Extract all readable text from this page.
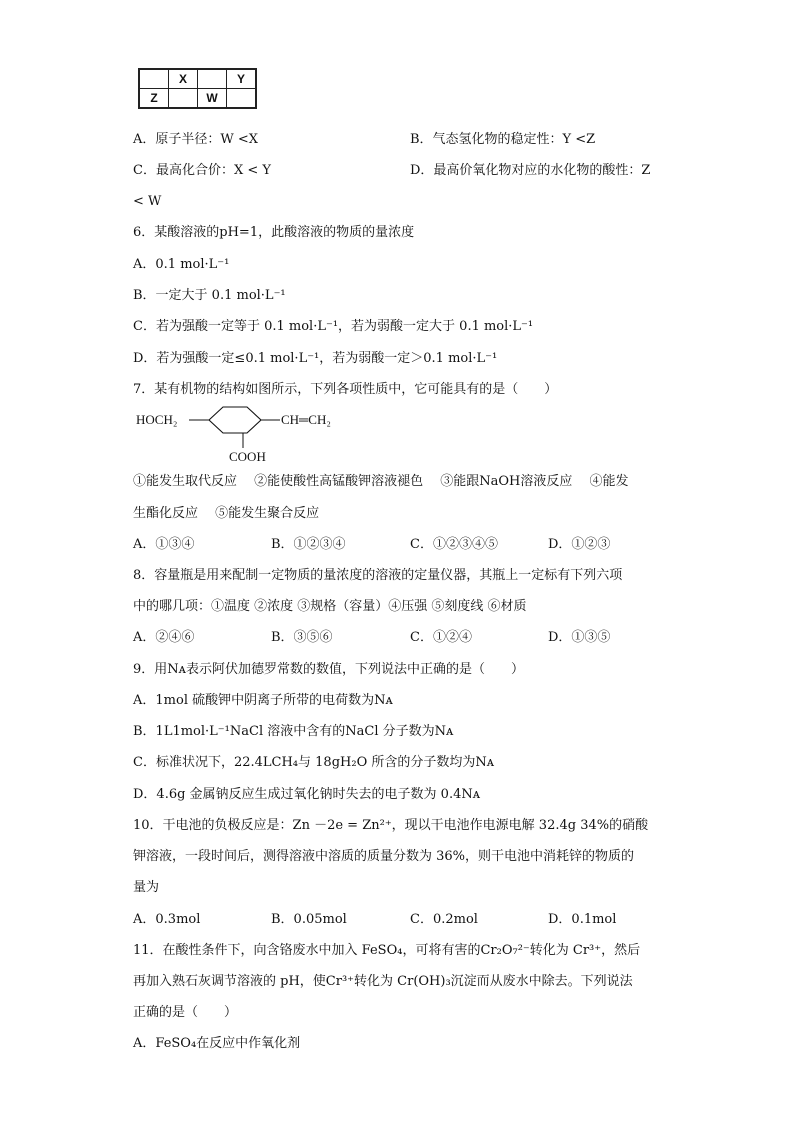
	X		Y
Z		W	
A．原子半径：W <X	B．气态氢化物的稳定性：Y <Z
C．最高化合价：X < Y	D．最高价氧化物对应的水化物的酸性：Z
< W
6．某酸溶液的pH=1，此酸溶液的物质的量浓度
A．0.1 mol·L⁻¹
B．一定大于 0.1 mol·L⁻¹
C．若为强酸一定等于 0.1 mol·L⁻¹，若为弱酸一定大于 0.1 mol·L⁻¹
D．若为强酸一定≤0.1 mol·L⁻¹，若为弱酸一定＞0.1 mol·L⁻¹
7．某有机物的结构如图所示，下列各项性质中，它可能具有的是（　　）
HOCH₂	CH═CH₂
COOH
①能发生取代反应　 ②能使酸性高锰酸钾溶液褪色　 ③能跟NaOH溶液反应　 ④能发
生酯化反应　 ⑤能发生聚合反应
A．①③④	B．①②③④	C．①②③④⑤	D．①②③
8．容量瓶是用来配制一定物质的量浓度的溶液的定量仪器，其瓶上一定标有下列六项
中的哪几项：①温度 ②浓度 ③规格（容量）④压强 ⑤刻度线 ⑥材质
A．②④⑥	B．③⑤⑥	C．①②④	D．①③⑤
9．用Nᴀ表示阿伏加德罗常数的数值，下列说法中正确的是（　　）
A．1mol 硫酸钾中阴离子所带的电荷数为Nᴀ
B．1L1mol·L⁻¹NaCl 溶液中含有的NaCl 分子数为Nᴀ
C．标准状况下，22.4LCH₄与 18gH₂O 所含的分子数均为Nᴀ
D．4.6g 金属钠反应生成过氧化钠时失去的电子数为 0.4Nᴀ
10．干电池的负极反应是：Zn －2e = Zn²⁺，现以干电池作电源电解 32.4g 34%的硝酸
钾溶液，一段时间后，测得溶液中溶质的质量分数为 36%，则干电池中消耗锌的物质的
量为
A．0.3mol	B．0.05mol	C．0.2mol	D．0.1mol
11．在酸性条件下，向含铬废水中加入 FeSO₄，可将有害的Cr₂O₇²⁻转化为 Cr³⁺，然后
再加入熟石灰调节溶液的 pH，使Cr³⁺转化为 Cr(OH)₃沉淀而从废水中除去。下列说法
正确的是（　　）
A．FeSO₄在反应中作氧化剂
